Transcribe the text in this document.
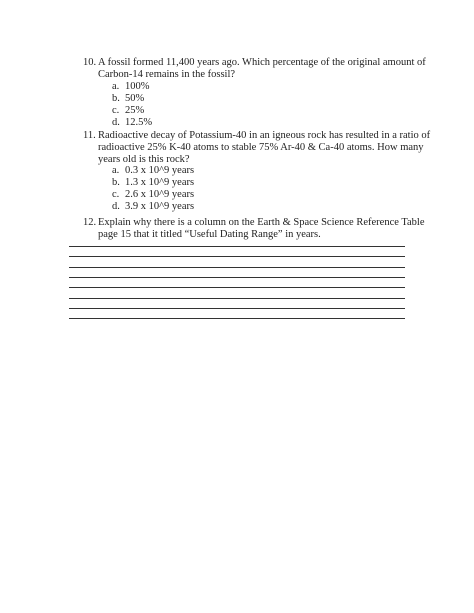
10. A fossil formed 11,400 years ago. Which percentage of the original amount of
Carbon-14 remains in the fossil?
a. 100%
b. 50%
c. 25%
d. 12.5%
11. Radioactive decay of Potassium-40 in an igneous rock has resulted in a ratio of
radioactive 25% K-40 atoms to stable 75% Ar-40 & Ca-40 atoms. How many
years old is this rock?
a. 0.3 x 10^9 years
b. 1.3 x 10^9 years
c. 2.6 x 10^9 years
d. 3.9 x 10^9 years
12. Explain why there is a column on the Earth & Space Science Reference Table
page 15 that it titled “Useful Dating Range” in years.
